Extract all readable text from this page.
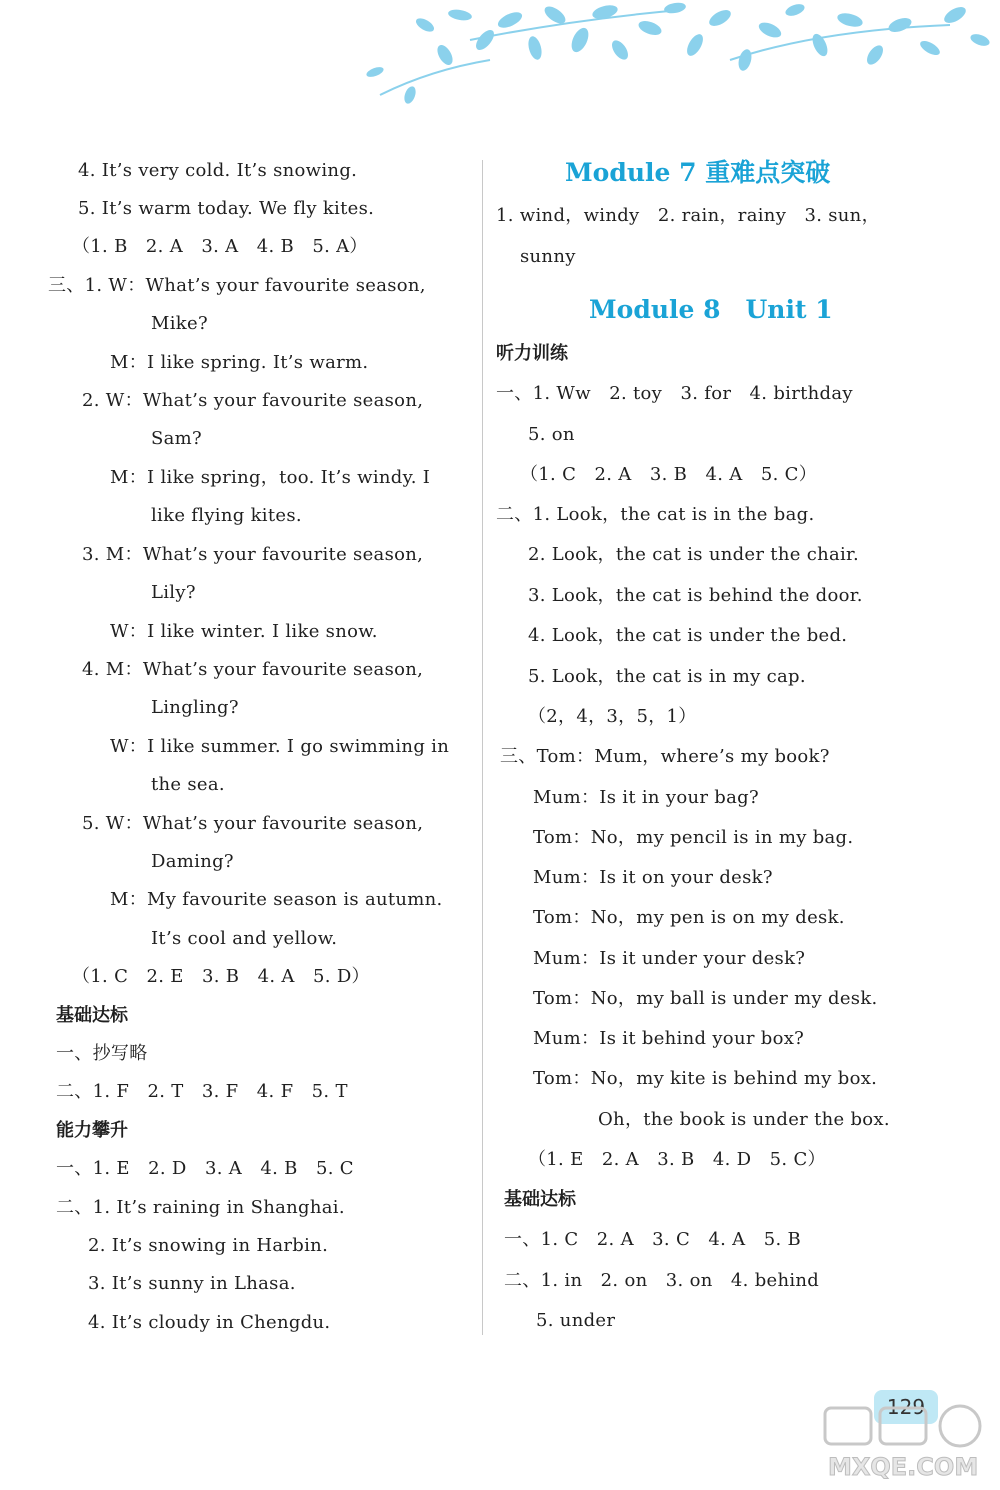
4. It’s very cold. It’s snowing.
5. It’s warm today. We fly kites.
（1. B　2. A　3. A　4. B　5. A）
三、1. W：What’s your favourite season,
Mike?
M：I like spring. It’s warm.
2. W：What’s your favourite season,
Sam?
M：I like spring，too. It’s windy. I
like flying kites.
3. M：What’s your favourite season,
Lily?
W：I like winter. I like snow.
4. M：What’s your favourite season,
Lingling?
W：I like summer. I go swimming in
the sea.
5. W：What’s your favourite season,
Daming?
M：My favourite season is autumn.
It’s cool and yellow.
（1. C　2. E　3. B　4. A　5. D）
基础达标
一、抄写略
二、1. F　2. T　3. F　4. F　5. T
能力攀升
一、1. E　2. D　3. A　4. B　5. C
二、1. It’s raining in Shanghai.
2. It’s snowing in Harbin.
3. It’s sunny in Lhasa.
4. It’s cloudy in Chengdu.
Module 7 重难点突破
1. wind，windy　2. rain，rainy　3. sun，
sunny
Module 8　Unit 1
听力训练
一、1. Ww　2. toy　3. for　4. birthday
5. on
（1. C　2. A　3. B　4. A　5. C）
二、1. Look，the cat is in the bag.
2. Look，the cat is under the chair.
3. Look，the cat is behind the door.
4. Look，the cat is under the bed.
5. Look，the cat is in my cap.
（2，4，3，5，1）
三、Tom：Mum，where’s my book?
Mum：Is it in your bag?
Tom：No，my pencil is in my bag.
Mum：Is it on your desk?
Tom：No，my pen is on my desk.
Mum：Is it under your desk?
Tom：No，my ball is under my desk.
Mum：Is it behind your box?
Tom：No，my kite is behind my box.
Oh，the book is under the box.
（1. E　2. A　3. B　4. D　5. C）
基础达标
一、1. C　2. A　3. C　4. A　5. B
二、1. in　2. on　3. on　4. behind
5. under
129
MXQE.COM
